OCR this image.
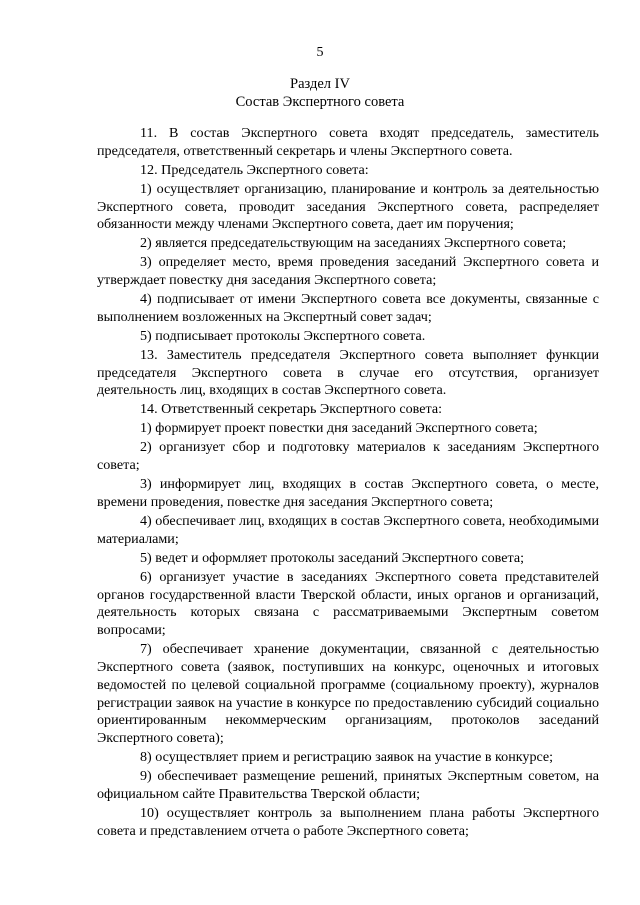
5
Раздел IV
Состав Экспертного совета

11. В состав Экспертного совета входят председатель, заместитель председателя, ответственный секретарь и члены Экспертного совета.

12. Председатель Экспертного совета:

1) осуществляет организацию, планирование и контроль за деятельностью Экспертного совета, проводит заседания Экспертного совета, распределяет обязанности между членами Экспертного совета, дает им поручения;

2) является председательствующим на заседаниях Экспертного совета;

3) определяет место, время проведения заседаний Экспертного совета и утверждает повестку дня заседания Экспертного совета;

4) подписывает от имени Экспертного совета все документы, связанные с выполнением возложенных на Экспертный совет задач;

5) подписывает протоколы Экспертного совета.

13. Заместитель председателя Экспертного совета выполняет функции председателя Экспертного совета в случае его отсутствия, организует деятельность лиц, входящих в состав Экспертного совета.

14. Ответственный секретарь Экспертного совета:

1) формирует проект повестки дня заседаний Экспертного совета;

2) организует сбор и подготовку материалов к заседаниям Экспертного совета;

3) информирует лиц, входящих в состав Экспертного совета, о месте, времени проведения, повестке дня заседания Экспертного совета;

4) обеспечивает лиц, входящих в состав Экспертного совета, необходимыми материалами;

5) ведет и оформляет протоколы заседаний Экспертного совета;

6) организует участие в заседаниях Экспертного совета представителей органов государственной власти Тверской области, иных органов и организаций, деятельность которых связана с рассматриваемыми Экспертным советом вопросами;

7) обеспечивает хранение документации, связанной с деятельностью Экспертного совета (заявок, поступивших на конкурс, оценочных и итоговых ведомостей по целевой социальной программе (социальному проекту), журналов регистрации заявок на участие в конкурсе по предоставлению субсидий социально ориентированным некоммерческим организациям, протоколов заседаний Экспертного совета);

8) осуществляет прием и регистрацию заявок на участие в конкурсе;

9) обеспечивает размещение решений, принятых Экспертным советом, на официальном сайте Правительства Тверской области;

10) осуществляет контроль за выполнением плана работы Экспертного совета и представлением отчета о работе Экспертного совета;
